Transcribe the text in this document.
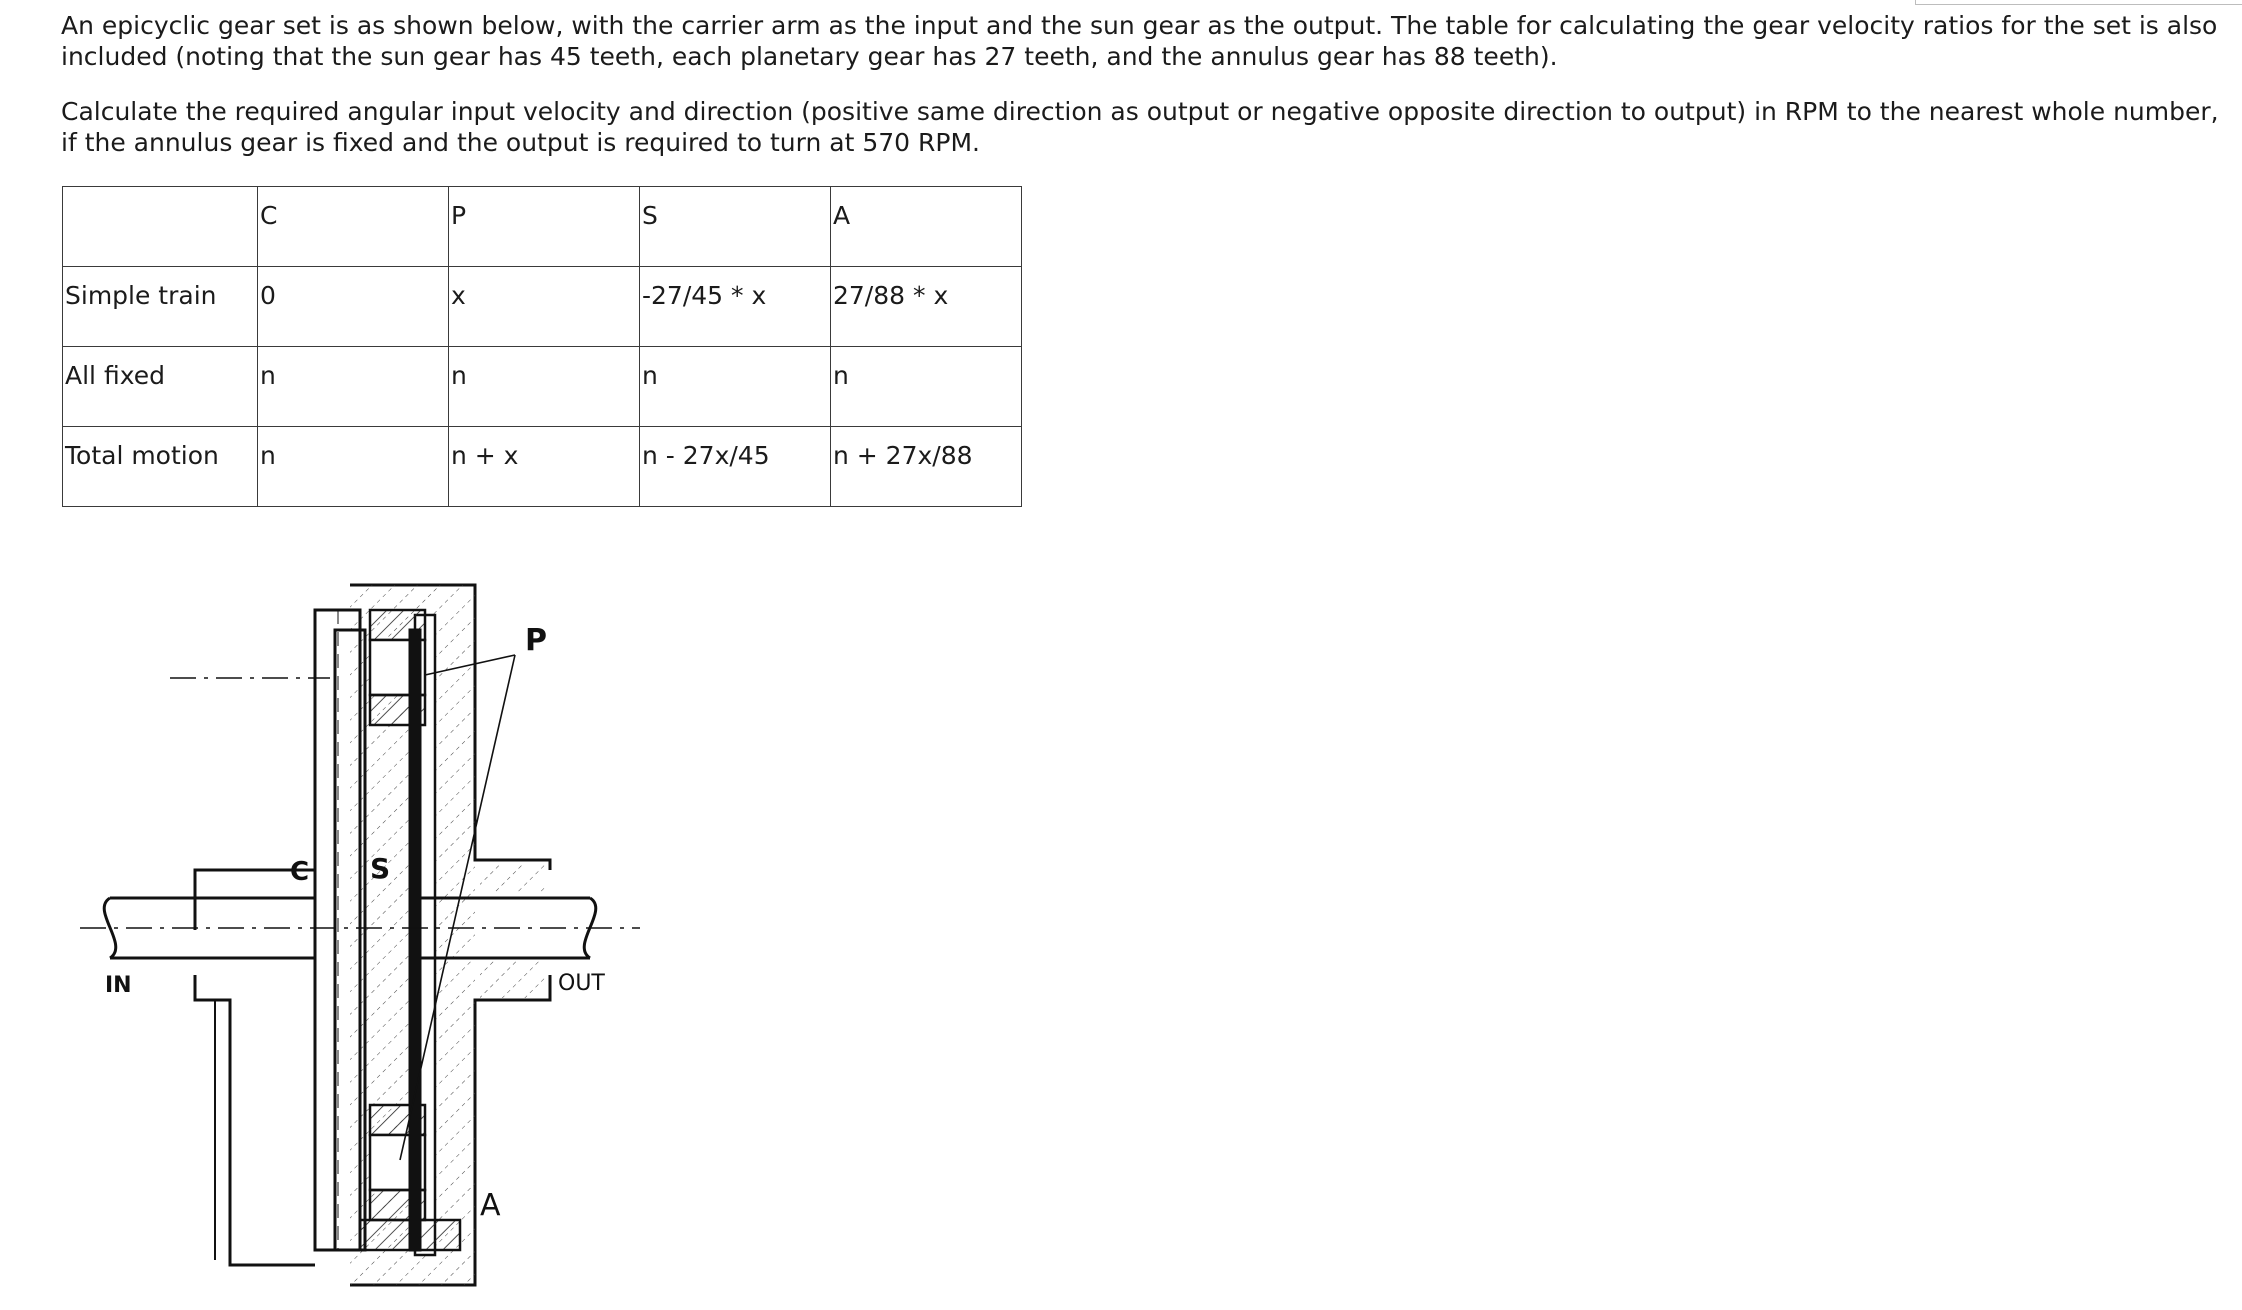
An epicyclic gear set is as shown below, with the carrier arm as the input and the sun gear as the output. The table for calculating the gear velocity ratios for the set is also included (noting that the sun gear has 45 teeth, each planetary gear has 27 teeth, and the annulus gear has 88 teeth).

Calculate the required angular input velocity and direction (positive same direction as output or negative opposite direction to output) in RPM to the nearest whole number, if the annulus gear is fixed and the output is required to turn at 570 RPM.

	C	P	S	A
Simple train	0	x	-27/45 * x	27/88 * x
All fixed	n	n	n	n
Total motion	n	n + x	n - 27x/45	n + 27x/88
P
C S
A
IN	OUT
